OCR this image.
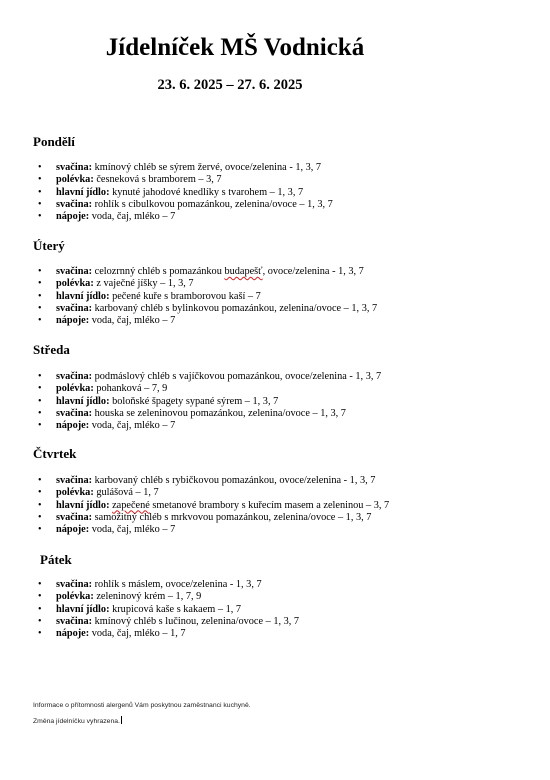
Jídelníček MŠ Vodnická
23. 6. 2025 – 27. 6. 2025
Pondělí
• svačina: kmínový chléb se sýrem žervé, ovoce/zelenina - 1, 3, 7
• polévka: česneková s bramborem – 3, 7
• hlavní jídlo: kynuté jahodové knedlíky s tvarohem – 1, 3, 7
• svačina: rohlík s cibulkovou pomazánkou, zelenina/ovoce – 1, 3, 7
• nápoje: voda, čaj, mléko – 7
Úterý
• svačina: celozrnný chléb s pomazánkou budapešť, ovoce/zelenina - 1, 3, 7
• polévka: z vaječné jíšky – 1, 3, 7
• hlavní jídlo: pečené kuře s bramborovou kaší – 7
• svačina: karbovaný chléb s bylinkovou pomazánkou, zelenina/ovoce – 1, 3, 7
• nápoje: voda, čaj, mléko – 7
Středa
• svačina: podmáslový chléb s vajíčkovou pomazánkou, ovoce/zelenina - 1, 3, 7
• polévka: pohanková – 7, 9
• hlavní jídlo: boloňské špagety sypané sýrem – 1, 3, 7
• svačina: houska se zeleninovou pomazánkou, zelenina/ovoce – 1, 3, 7
• nápoje: voda, čaj, mléko – 7
Čtvrtek
• svačina: karbovaný chléb s rybičkovou pomazánkou, ovoce/zelenina - 1, 3, 7
• polévka: gulášová – 1, 7
• hlavní jídlo: zapečené smetanové brambory s kuřecím masem a zeleninou – 3, 7
• svačina: samožitný chléb s mrkvovou pomazánkou, zelenina/ovoce – 1, 3, 7
• nápoje: voda, čaj, mléko – 7
Pátek
• svačina: rohlík s máslem, ovoce/zelenina - 1, 3, 7
• polévka: zeleninový krém – 1, 7, 9
• hlavní jídlo: krupicová kaše s kakaem – 1, 7
• svačina: kmínový chléb s lučinou, zelenina/ovoce – 1, 3, 7
• nápoje: voda, čaj, mléko – 1, 7
Informace o přítomnosti alergenů Vám poskytnou zaměstnanci kuchyně.
Změna jídelníčku vyhrazena.
